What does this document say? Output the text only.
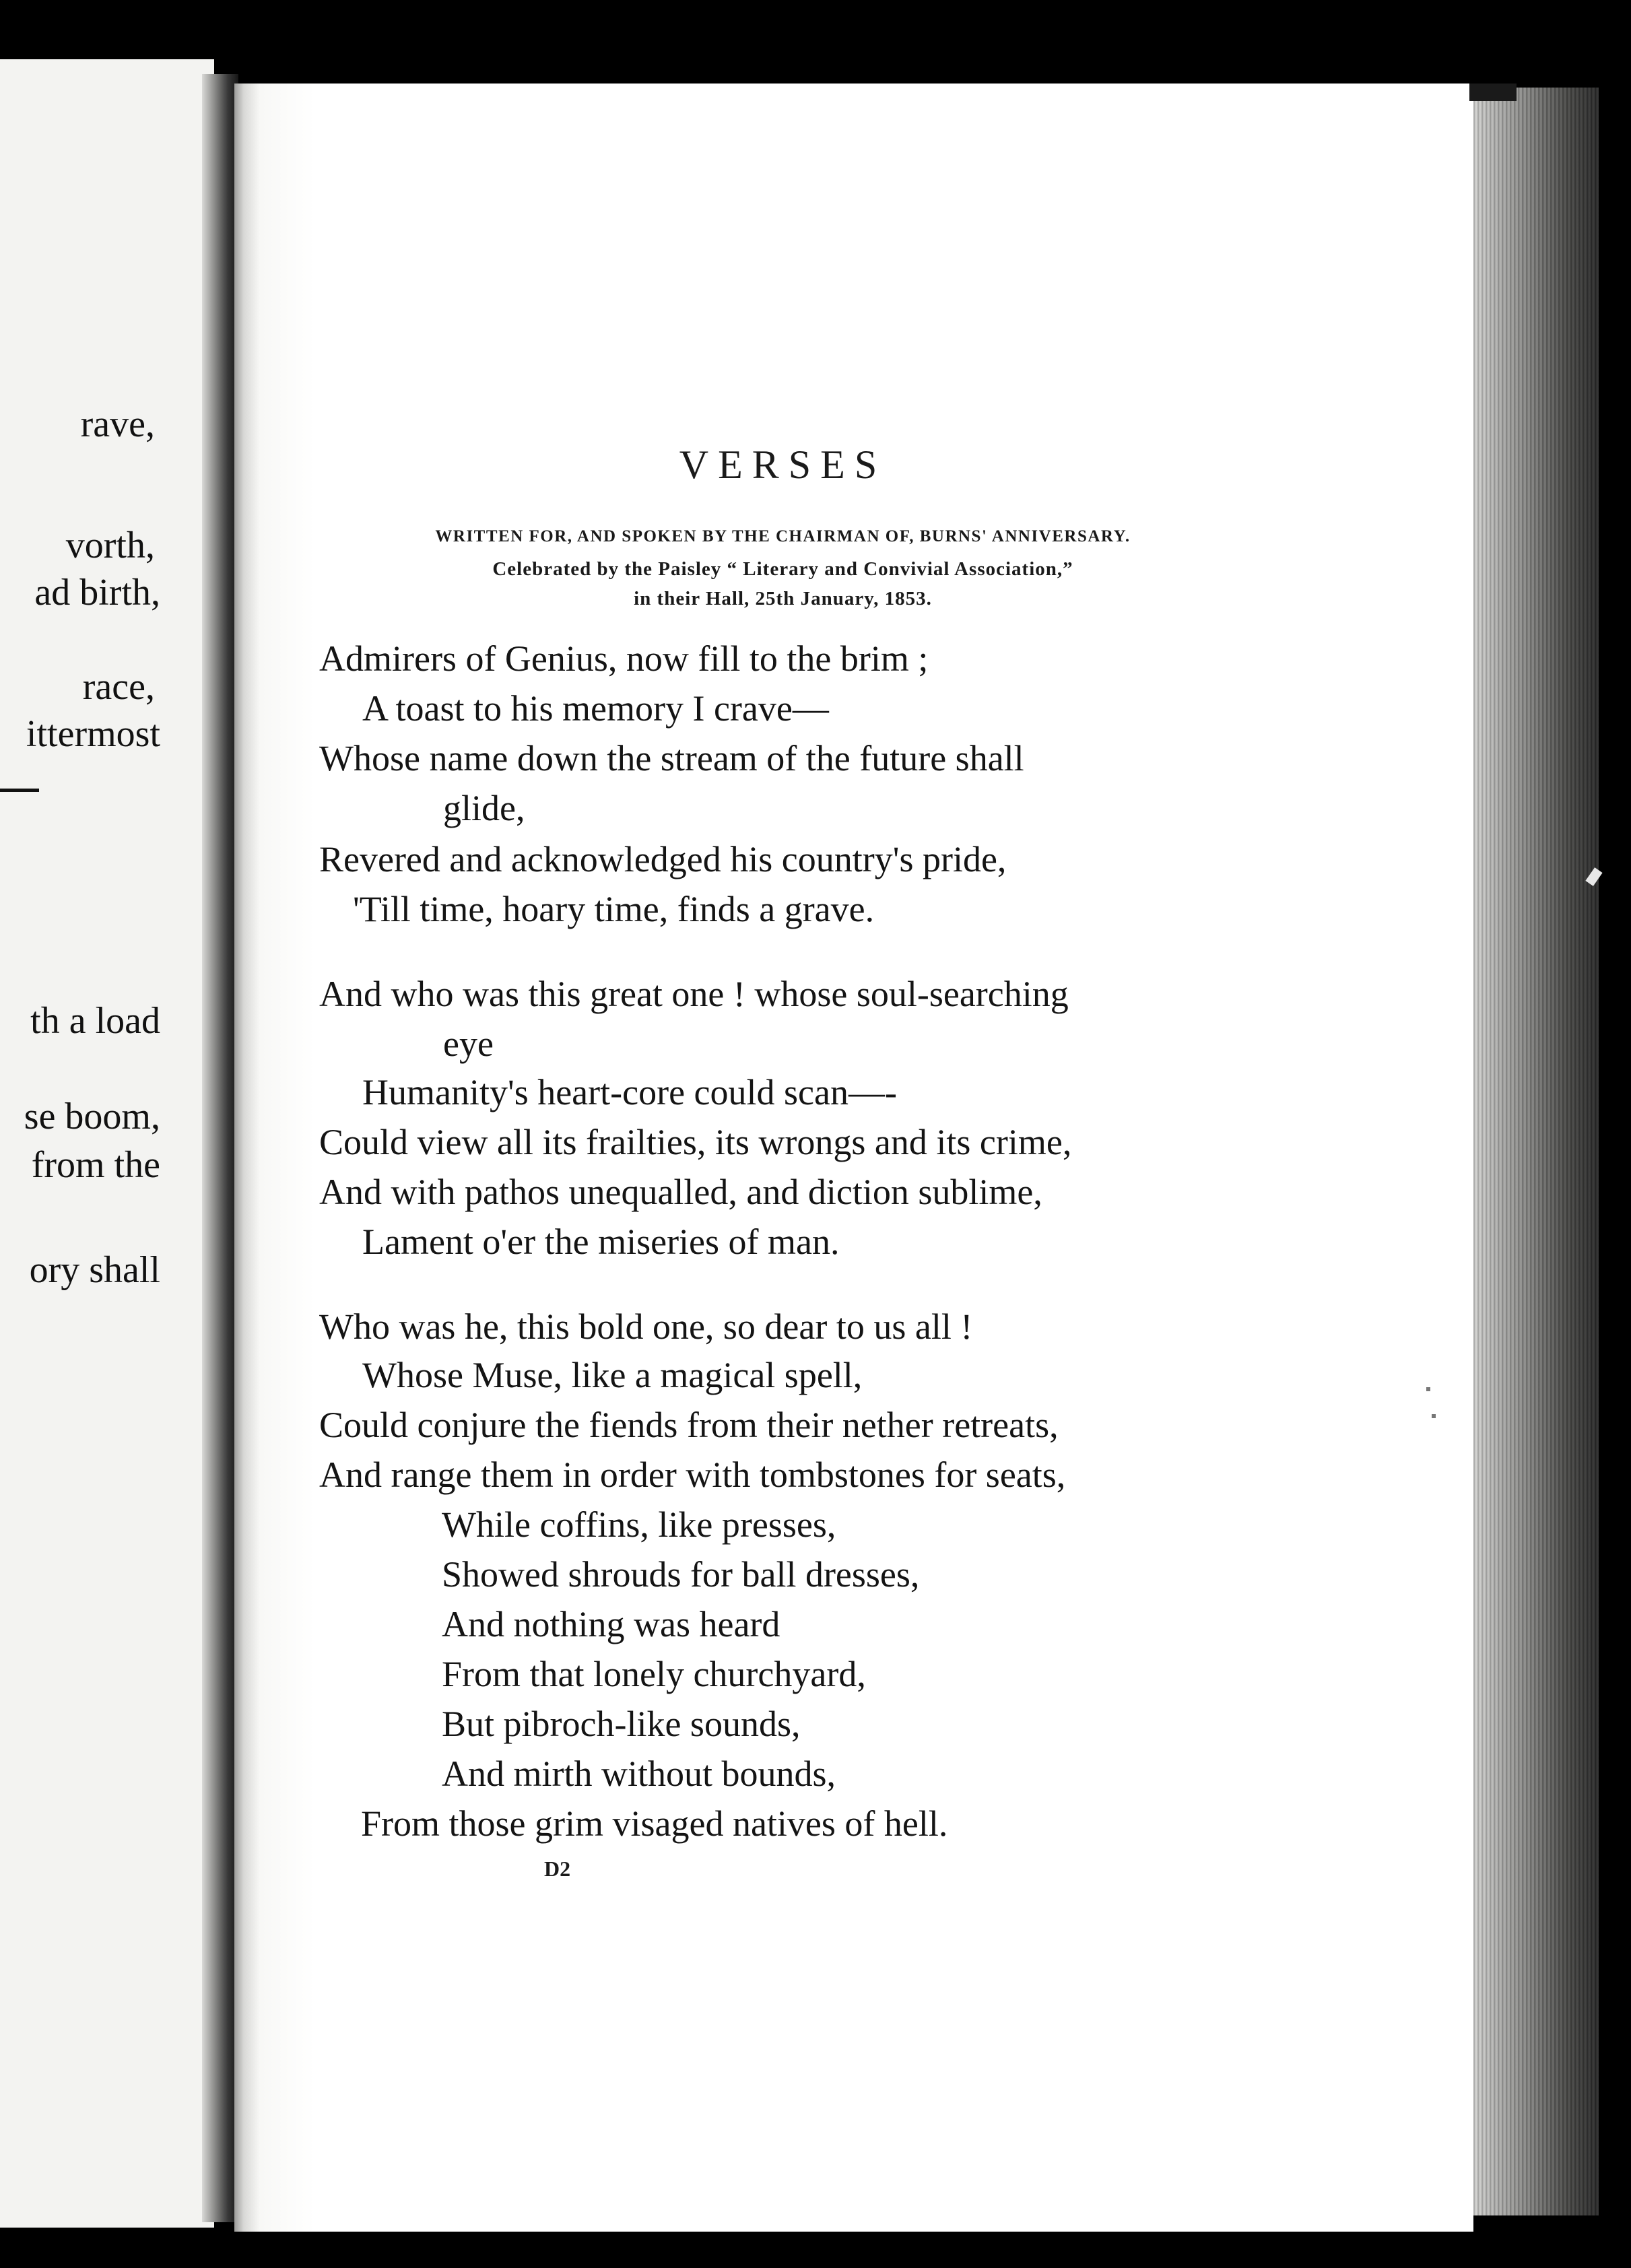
rave,
vorth,
ad birth,
race,
ittermost
th a load
se boom,
from the
ory shall
VERSES
WRITTEN FOR, AND SPOKEN BY THE CHAIRMAN OF, BURNS' ANNIVERSARY.
Celebrated by the Paisley “ Literary and Convivial Association,”
in their Hall, 25th January, 1853.
Admirers of Genius, now fill to the brim ;
A toast to his memory I crave—
Whose name down the stream of the future shall
glide,
Revered and acknowledged his country's pride,
'Till time, hoary time, finds a grave.
And who was this great one ! whose soul-searching
eye
Humanity's heart-core could scan—-
Could view all its frailties, its wrongs and its crime,
And with pathos unequalled, and diction sublime,
Lament o'er the miseries of man.
Who was he, this bold one, so dear to us all !
Whose Muse, like a magical spell,
Could conjure the fiends from their nether retreats,
And range them in order with tombstones for seats,
While coffins, like presses,
Showed shrouds for ball dresses,
And nothing was heard
From that lonely churchyard,
But pibroch-like sounds,
And mirth without bounds,
From those grim visaged natives of hell.
D2
